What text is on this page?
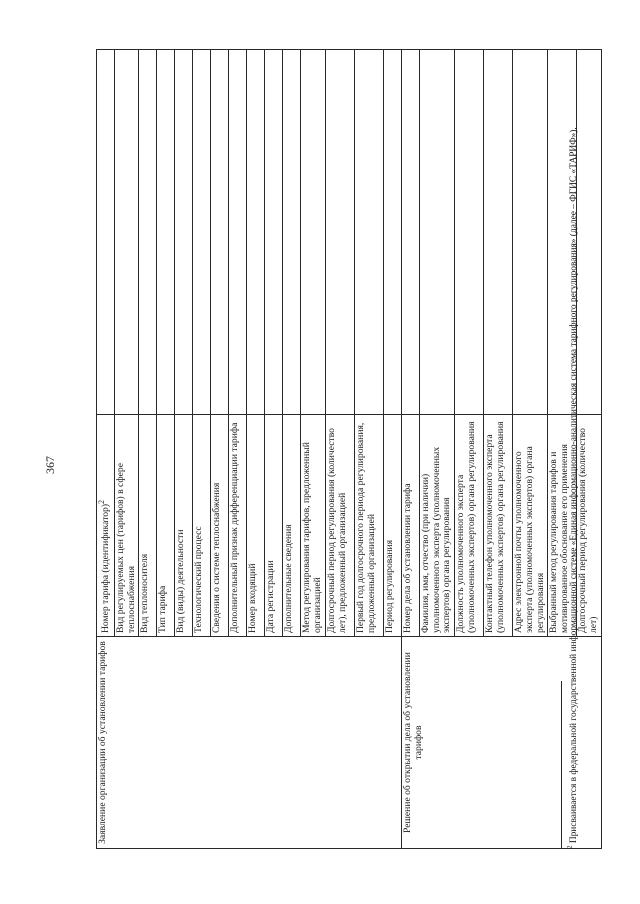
367
Заявление организации об установлении тарифов	Номер тарифа (идентификатор)$^2$	
	Вид регулируемых цен (тарифов) в сфере теплоснабжения	
	Вид теплоносителя	
	Тип тарифа	
	Вид (виды) деятельности	
	Технологический процесс	
	Сведения о системе теплоснабжения	
	Дополнительный признак дифференциации тарифа	
	Номер входящий	
	Дата регистрации	
	Дополнительные сведения	
	Метод регулирования тарифов, предложенный организацией	
	Долгосрочный период регулирования (количество лет), предложенный организацией	
	Первый год долгосрочного периода регулирования, предложенный организацией	
	Период регулирования	
Решение об открытии дела об установлении тарифов	Номер дела об установлении тарифа	
	Фамилия, имя, отчество (при наличии) уполномоченного эксперта (уполномоченных экспертов) органа регулирования	
	Должность уполномоченного эксперта (уполномоченных экспертов) органа регулирования	
	Контактный телефон уполномоченного эксперта (уполномоченных экспертов) органа регулирования	
	Адрес электронной почты уполномоченного эксперта (уполномоченных экспертов) органа регулирования	
	Выбранный метод регулирования тарифов и мотивированное обоснование его применения	
	Долгосрочный период регулирования (количество лет)	
$^2$ Присваивается в федеральной государственной информационной системе «Единая информационно-аналитическая система тарифного регулирования» (далее – ФГИС «ТАРИФ»).
